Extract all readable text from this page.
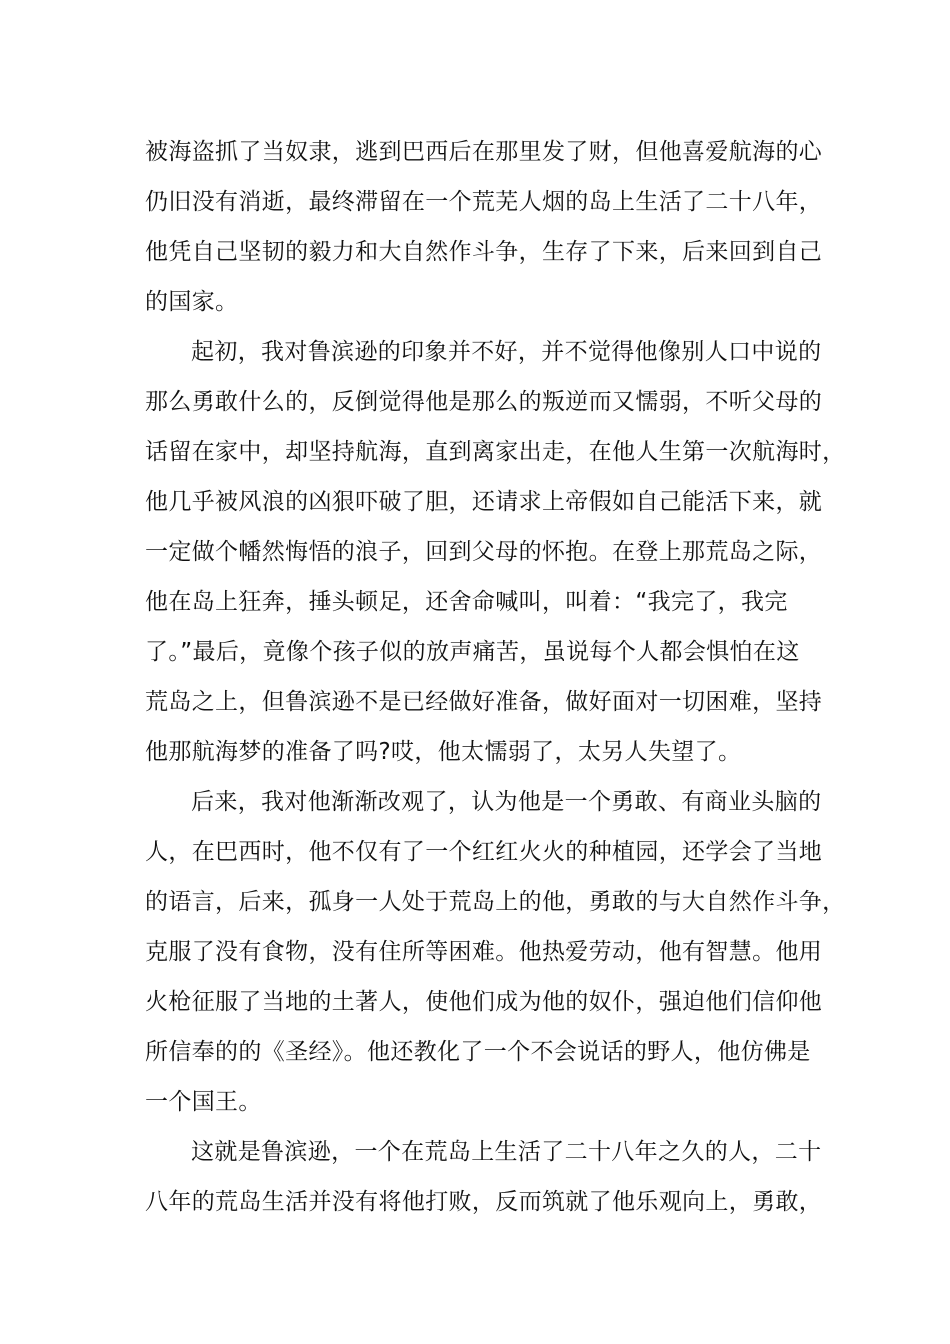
被海盗抓了当奴隶，逃到巴西后在那里发了财，但他喜爱航海的心
仍旧没有消逝，最终滞留在一个荒芜人烟的岛上生活了二十八年，
他凭自己坚韧的毅力和大自然作斗争，生存了下来，后来回到自己
的国家。
起初，我对鲁滨逊的印象并不好，并不觉得他像别人口中说的
那么勇敢什么的，反倒觉得他是那么的叛逆而又懦弱，不听父母的
话留在家中，却坚持航海，直到离家出走，在他人生第一次航海时，
他几乎被风浪的凶狠吓破了胆，还请求上帝假如自己能活下来，就
一定做个幡然悔悟的浪子，回到父母的怀抱。在登上那荒岛之际，
他在岛上狂奔，捶头顿足，还舍命喊叫，叫着：“我完了，我完
了。”最后，竟像个孩子似的放声痛苦，虽说每个人都会惧怕在这
荒岛之上，但鲁滨逊不是已经做好准备，做好面对一切困难，坚持
他那航海梦的准备了吗?哎，他太懦弱了，太另人失望了。
后来，我对他渐渐改观了，认为他是一个勇敢、有商业头脑的
人，在巴西时，他不仅有了一个红红火火的种植园，还学会了当地
的语言，后来，孤身一人处于荒岛上的他，勇敢的与大自然作斗争，
克服了没有食物，没有住所等困难。他热爱劳动，他有智慧。他用
火枪征服了当地的土著人，使他们成为他的奴仆，强迫他们信仰他
所信奉的的《圣经》。他还教化了一个不会说话的野人，他仿佛是
一个国王。
这就是鲁滨逊，一个在荒岛上生活了二十八年之久的人，二十
八年的荒岛生活并没有将他打败，反而筑就了他乐观向上，勇敢，
